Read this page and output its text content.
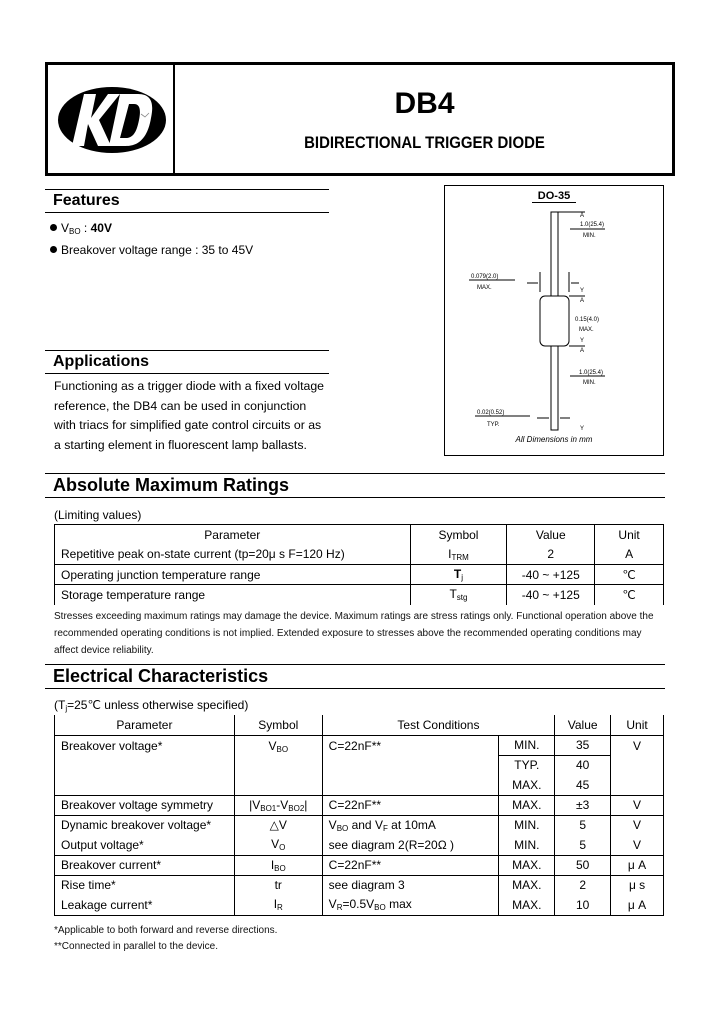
DB4
BIDIRECTIONAL TRIGGER DIODE
Features
$V_{BO}$ : 40V
Breakover voltage range : 35 to 45V
Applications
Functioning as a trigger diode with a fixed voltage
reference, the DB4 can be used in conjunction
with triacs for simplified gate control circuits or as
a starting element in fluorescent lamp ballasts.
DO-35
1.0(25.4)
MIN.
0.079(2.0)
MAX.
0.15(4.0)
MAX.
1.0(25.4)
MIN.
0.02(0.52)
TYP.
A
Y
A
Y
A
Y
All Dimensions in mm
Absolute Maximum Ratings
(Limiting values)
Parameter	Symbol	Value	Unit
Repetitive peak on-state current (tp=20μ s F=120 Hz)	$I_{TRM}$	2	A
Operating junction temperature range	$T_j$	-40 ~ +125	℃
Storage temperature range	$T_{stg}$	-40 ~ +125	℃
Stresses exceeding maximum ratings may damage the device. Maximum ratings are stress ratings only. Functional operation above the recommended operating conditions is not implied. Extended exposure to stresses above the recommended operating conditions may affect device reliability.
Electrical Characteristics
($T_j=25℃$ unless otherwise specified)
Parameter	Symbol	Test Conditions		Value	Unit
Breakover voltage*	$V_{BO}$	C=22nF**	MIN.	35	V
			TYP.	40	
			MAX.	45	
Breakover voltage symmetry	$|V_{BO1}-V_{BO2}|$	C=22nF**	MAX.	±3	V
Dynamic breakover voltage*	△V	$V_{BO}$ and $V_F$ at 10mA	MIN.	5	V
Output voltage*	$V_O$	see diagram 2(R=20Ω )	MIN.	5	V
Breakover current*	$I_{BO}$	C=22nF**	MAX.	50	μ A
Rise time*	tr	see diagram 3	MAX.	2	μ s
Leakage current*	$I_R$	$V_R=0.5V_{BO}$ max	MAX.	10	μ A
*Applicable to both forward and reverse directions.
**Connected in parallel to the device.
